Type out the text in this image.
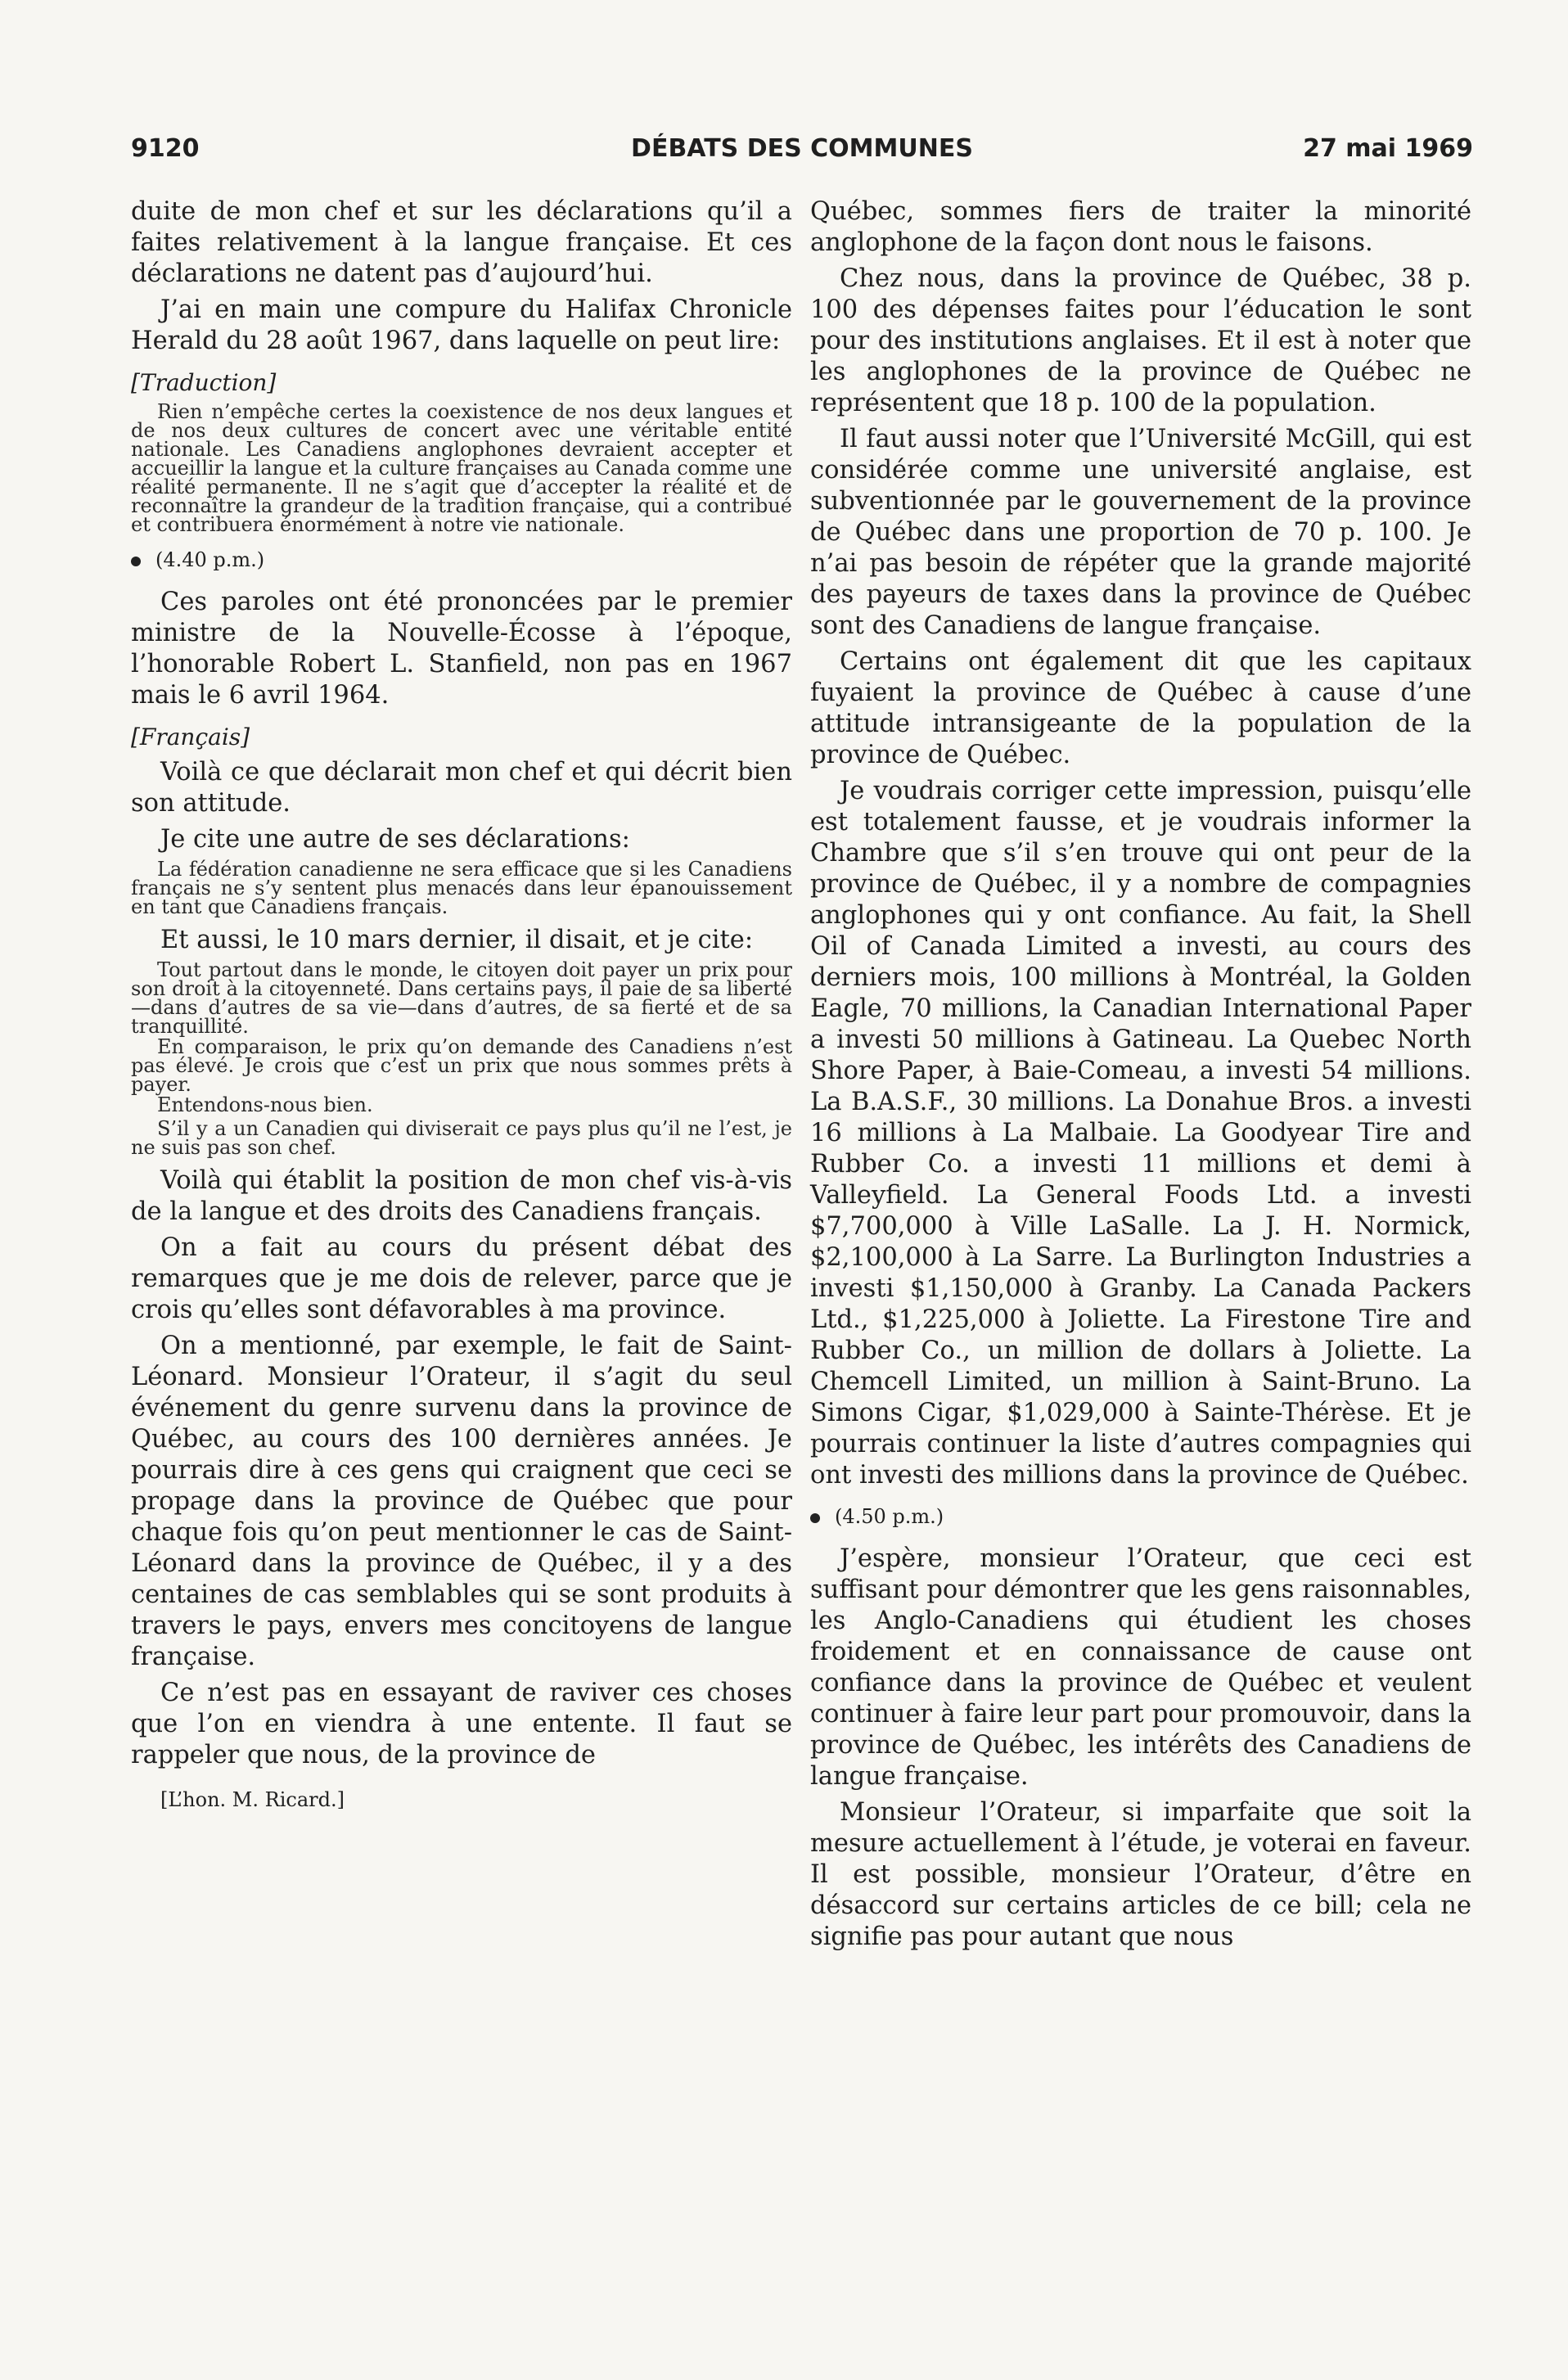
9120	DÉBATS DES COMMUNES	27 mai 1969

duite de mon chef et sur les déclarations qu’il a faites relativement à la langue française. Et ces déclarations ne datent pas d’aujourd’hui.

J’ai en main une compure du Halifax Chronicle Herald du 28 août 1967, dans laquelle on peut lire:

[Traduction]

Rien n’empêche certes la coexistence de nos deux langues et de nos deux cultures de concert avec une véritable entité nationale. Les Canadiens anglophones devraient accepter et accueillir la langue et la culture françaises au Canada comme une réalité permanente. Il ne s’agit que d’accepter la réalité et de reconnaître la grandeur de la tradition française, qui a contribué et contribuera énormément à notre vie nationale.

(4.40 p.m.)

Ces paroles ont été prononcées par le premier ministre de la Nouvelle-Écosse à l’époque, l’honorable Robert L. Stanfield, non pas en 1967 mais le 6 avril 1964.

[Français]

Voilà ce que déclarait mon chef et qui décrit bien son attitude.

Je cite une autre de ses déclarations:

La fédération canadienne ne sera efficace que si les Canadiens français ne s’y sentent plus menacés dans leur épanouissement en tant que Canadiens français.

Et aussi, le 10 mars dernier, il disait, et je cite:

Tout partout dans le monde, le citoyen doit payer un prix pour son droit à la citoyenneté. Dans certains pays, il paie de sa liberté—dans d’autres de sa vie—dans d’autres, de sa fierté et de sa tranquillité.

En comparaison, le prix qu’on demande des Canadiens n’est pas élevé. Je crois que c’est un prix que nous sommes prêts à payer.

Entendons-nous bien.

S’il y a un Canadien qui diviserait ce pays plus qu’il ne l’est, je ne suis pas son chef.

Voilà qui établit la position de mon chef vis-à-vis de la langue et des droits des Canadiens français.

On a fait au cours du présent débat des remarques que je me dois de relever, parce que je crois qu’elles sont défavorables à ma province.

On a mentionné, par exemple, le fait de Saint-Léonard. Monsieur l’Orateur, il s’agit du seul événement du genre survenu dans la province de Québec, au cours des 100 dernières années. Je pourrais dire à ces gens qui craignent que ceci se propage dans la province de Québec que pour chaque fois qu’on peut mentionner le cas de Saint-Léonard dans la province de Québec, il y a des centaines de cas semblables qui se sont produits à travers le pays, envers mes concitoyens de langue française.

Ce n’est pas en essayant de raviver ces choses que l’on en viendra à une entente. Il faut se rappeler que nous, de la province de

[L’hon. M. Ricard.]

Québec, sommes fiers de traiter la minorité anglophone de la façon dont nous le faisons.

Chez nous, dans la province de Québec, 38 p. 100 des dépenses faites pour l’éducation le sont pour des institutions anglaises. Et il est à noter que les anglophones de la province de Québec ne représentent que 18 p. 100 de la population.

Il faut aussi noter que l’Université McGill, qui est considérée comme une université anglaise, est subventionnée par le gouvernement de la province de Québec dans une proportion de 70 p. 100. Je n’ai pas besoin de répéter que la grande majorité des payeurs de taxes dans la province de Québec sont des Canadiens de langue française.

Certains ont également dit que les capitaux fuyaient la province de Québec à cause d’une attitude intransigeante de la population de la province de Québec.

Je voudrais corriger cette impression, puisqu’elle est totalement fausse, et je voudrais informer la Chambre que s’il s’en trouve qui ont peur de la province de Québec, il y a nombre de compagnies anglophones qui y ont confiance. Au fait, la Shell Oil of Canada Limited a investi, au cours des derniers mois, 100 millions à Montréal, la Golden Eagle, 70 millions, la Canadian International Paper a investi 50 millions à Gatineau. La Quebec North Shore Paper, à Baie-Comeau, a investi 54 millions. La B.A.S.F., 30 millions. La Donahue Bros. a investi 16 millions à La Malbaie. La Goodyear Tire and Rubber Co. a investi 11 millions et demi à Valleyfield. La General Foods Ltd. a investi $7,700,000 à Ville LaSalle. La J. H. Normick, $2,100,000 à La Sarre. La Burlington Industries a investi $1,150,000 à Granby. La Canada Packers Ltd., $1,225,000 à Joliette. La Firestone Tire and Rubber Co., un million de dollars à Joliette. La Chemcell Limited, un million à Saint-Bruno. La Simons Cigar, $1,029,000 à Sainte-Thérèse. Et je pourrais continuer la liste d’autres compagnies qui ont investi des millions dans la province de Québec.

(4.50 p.m.)

J’espère, monsieur l’Orateur, que ceci est suffisant pour démontrer que les gens raisonnables, les Anglo-Canadiens qui étudient les choses froidement et en connaissance de cause ont confiance dans la province de Québec et veulent continuer à faire leur part pour promouvoir, dans la province de Québec, les intérêts des Canadiens de langue française.

Monsieur l’Orateur, si imparfaite que soit la mesure actuellement à l’étude, je voterai en faveur. Il est possible, monsieur l’Orateur, d’être en désaccord sur certains articles de ce bill; cela ne signifie pas pour autant que nous
